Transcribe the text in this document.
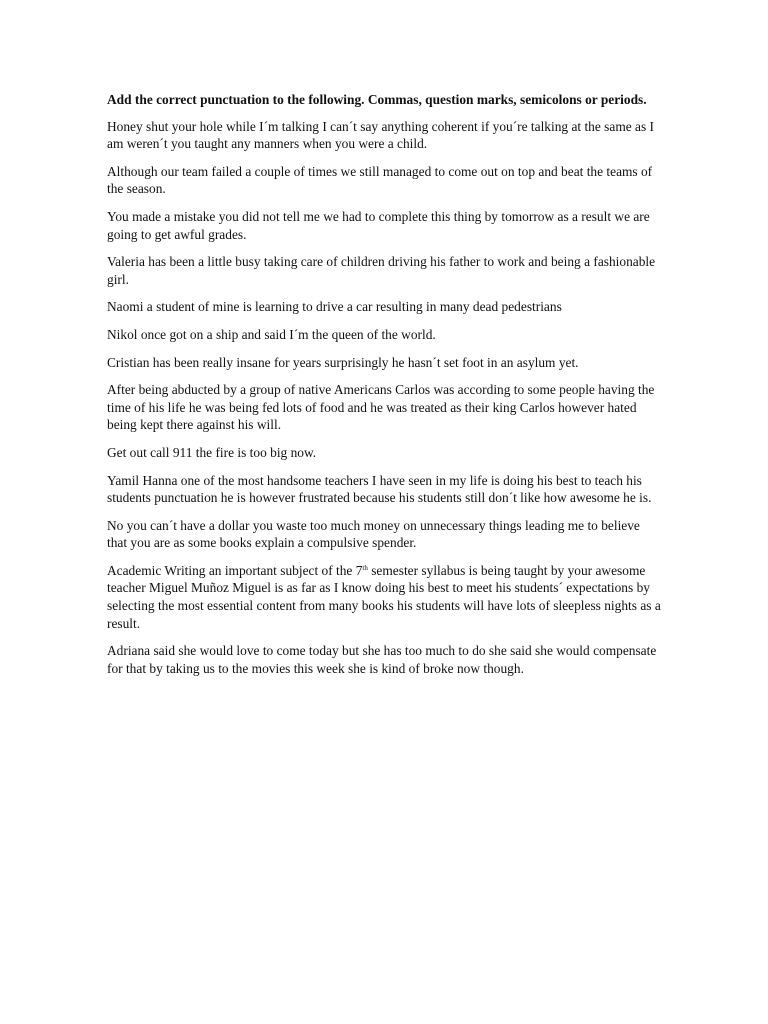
Add the correct punctuation to the following. Commas, question marks, semicolons or periods.

Honey shut your hole while I´m talking I can´t say anything coherent if you´re talking at the same as I am weren´t you taught any manners when you were a child.

Although our team failed a couple of times we still managed to come out on top and beat the teams of the season.

You made a mistake you did not tell me we had to complete this thing by tomorrow as a result we are going to get awful grades.

Valeria has been a little busy taking care of children driving his father to work and being a fashionable girl.

Naomi a student of mine is learning to drive a car resulting in many dead pedestrians

Nikol once got on a ship and said I´m the queen of the world.

Cristian has been really insane for years surprisingly he hasn´t set foot in an asylum yet.

After being abducted by a group of native Americans Carlos was according to some people having the time of his life he was being fed lots of food and he was treated as their king Carlos however hated being kept there against his will.

Get out call 911 the fire is too big now.

Yamil Hanna one of the most handsome teachers I have seen in my life is doing his best to teach his students punctuation he is however frustrated because his students still don´t like how awesome he is.

No you can´t have a dollar you waste too much money on unnecessary things leading me to believe that you are as some books explain a compulsive spender.

Academic Writing an important subject of the 7th semester syllabus is being taught by your awesome teacher Miguel Muñoz Miguel is as far as I know doing his best to meet his students´ expectations by selecting the most essential content from many books his students will have lots of sleepless nights as a result.

Adriana said she would love to come today but she has too much to do she said she would compensate for that by taking us to the movies this week she is kind of broke now though.
